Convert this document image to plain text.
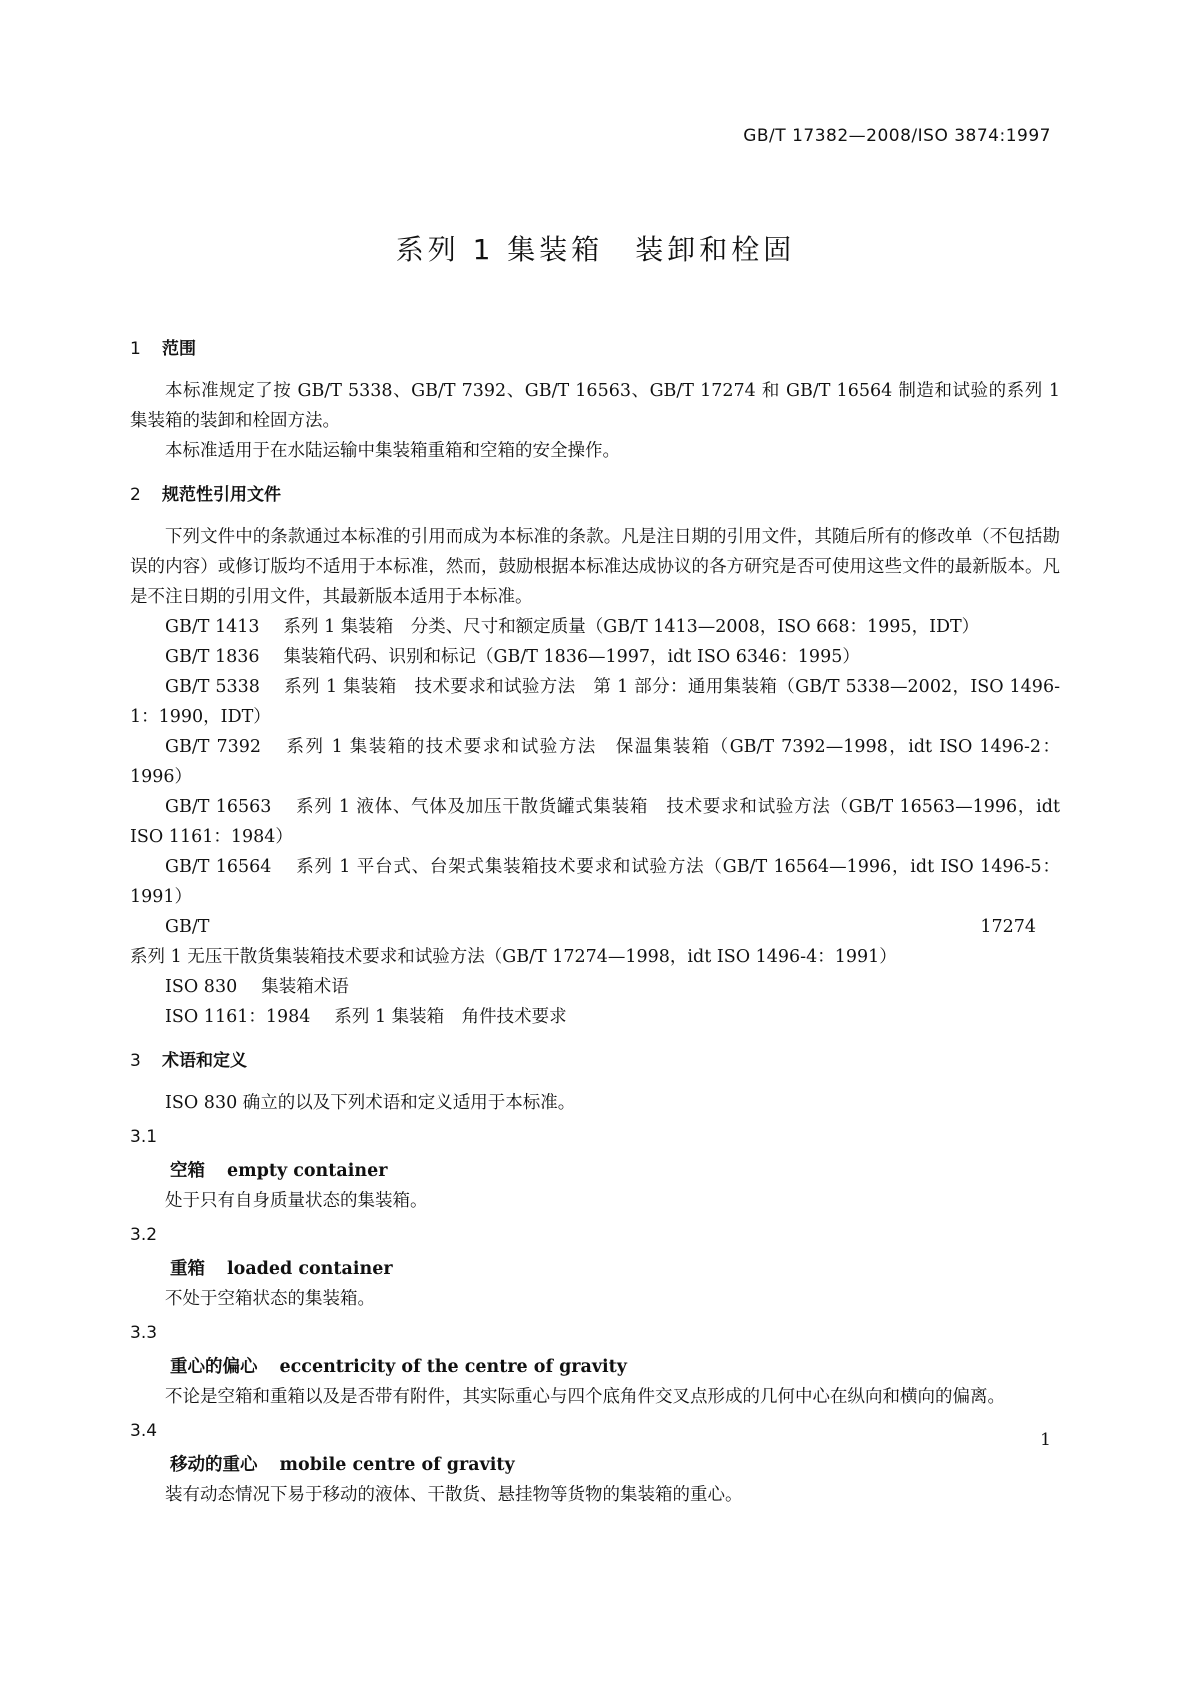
GB/T 17382—2008/ISO 3874:1997
系列 1 集装箱　装卸和栓固
1 范围

本标准规定了按 GB/T 5338、GB/T 7392、GB/T 16563、GB/T 17274 和 GB/T 16564 制造和试验的系列 1 集装箱的装卸和栓固方法。

本标准适用于在水陆运输中集装箱重箱和空箱的安全操作。

2 规范性引用文件

下列文件中的条款通过本标准的引用而成为本标准的条款。凡是注日期的引用文件，其随后所有的修改单（不包括勘误的内容）或修订版均不适用于本标准，然而，鼓励根据本标准达成协议的各方研究是否可使用这些文件的最新版本。凡是不注日期的引用文件，其最新版本适用于本标准。

GB/T 1413 系列 1 集装箱　分类、尺寸和额定质量（GB/T 1413—2008，ISO 668：1995，IDT）

GB/T 1836 集装箱代码、识别和标记（GB/T 1836—1997，idt ISO 6346：1995）

GB/T 5338 系列 1 集装箱　技术要求和试验方法　第 1 部分：通用集装箱（GB/T 5338—2002，ISO 1496-1：1990，IDT）

GB/T 7392 系列 1 集装箱的技术要求和试验方法　保温集装箱（GB/T 7392—1998，idt ISO 1496-2：1996）

GB/T 16563 系列 1 液体、气体及加压干散货罐式集装箱　技术要求和试验方法（GB/T 16563—1996，idt ISO 1161：1984）

GB/T 16564 系列 1 平台式、台架式集装箱技术要求和试验方法（GB/T 16564—1996，idt ISO 1496-5：1991）

GB/T 17274系列 1 无压干散货集装箱技术要求和试验方法（GB/T 17274—1998，idt ISO 1496-4：1991）

ISO 830 集装箱术语

ISO 1161：1984 系列 1 集装箱　角件技术要求

3 术语和定义

ISO 830 确立的以及下列术语和定义适用于本标准。

3.1
空箱 empty container

处于只有自身质量状态的集装箱。

3.2
重箱 loaded container

不处于空箱状态的集装箱。

3.3
重心的偏心 eccentricity of the centre of gravity

不论是空箱和重箱以及是否带有附件，其实际重心与四个底角件交叉点形成的几何中心在纵向和横向的偏离。

3.4
移动的重心 mobile centre of gravity

装有动态情况下易于移动的液体、干散货、悬挂物等货物的集装箱的重心。

1
